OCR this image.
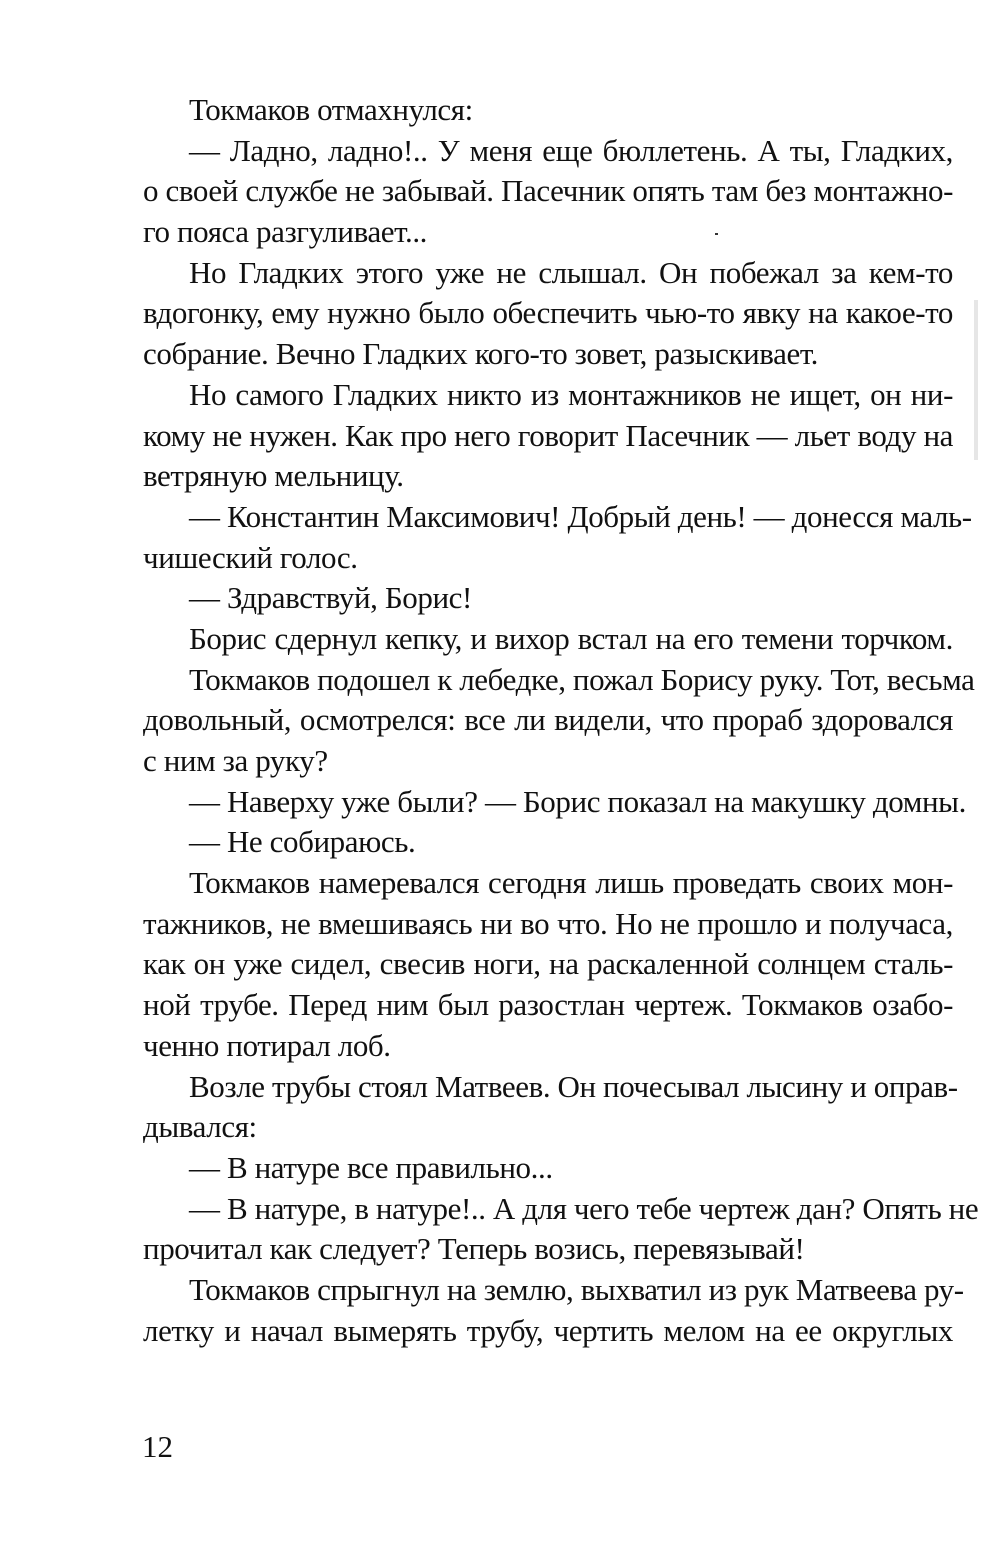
Токмаков отмахнулся:
— Ладно, ладно!.. У меня еще бюллетень. А ты, Гладких,
о своей службе не забывай. Пасечник опять там без монтажно-
го пояса разгуливает...
Но Гладких этого уже не слышал. Он побежал за кем-то
вдогонку, ему нужно было обеспечить чью-то явку на какое-то
собрание. Вечно Гладких кого-то зовет, разыскивает.
Но самого Гладких никто из монтажников не ищет, он ни-
кому не нужен. Как про него говорит Пасечник — льет воду на
ветряную мельницу.
— Константин Максимович! Добрый день! — донесся маль-
чишеский голос.
— Здравствуй, Борис!
Борис сдернул кепку, и вихор встал на его темени торчком.
Токмаков подошел к лебедке, пожал Борису руку. Тот, весьма
довольный, осмотрелся: все ли видели, что прораб здоровался
с ним за руку?
— Наверху уже были? — Борис показал на макушку домны.
— Не собираюсь.
Токмаков намеревался сегодня лишь проведать своих мон-
тажников, не вмешиваясь ни во что. Но не прошло и получаса,
как он уже сидел, свесив ноги, на раскаленной солнцем сталь-
ной трубе. Перед ним был разостлан чертеж. Токмаков озабо-
ченно потирал лоб.
Возле трубы стоял Матвеев. Он почесывал лысину и оправ-
дывался:
— В натуре все правильно...
— В натуре, в натуре!.. А для чего тебе чертеж дан? Опять не
прочитал как следует? Теперь возись, перевязывай!
Токмаков спрыгнул на землю, выхватил из рук Матвеева ру-
летку и начал вымерять трубу, чертить мелом на ее округлых
12
